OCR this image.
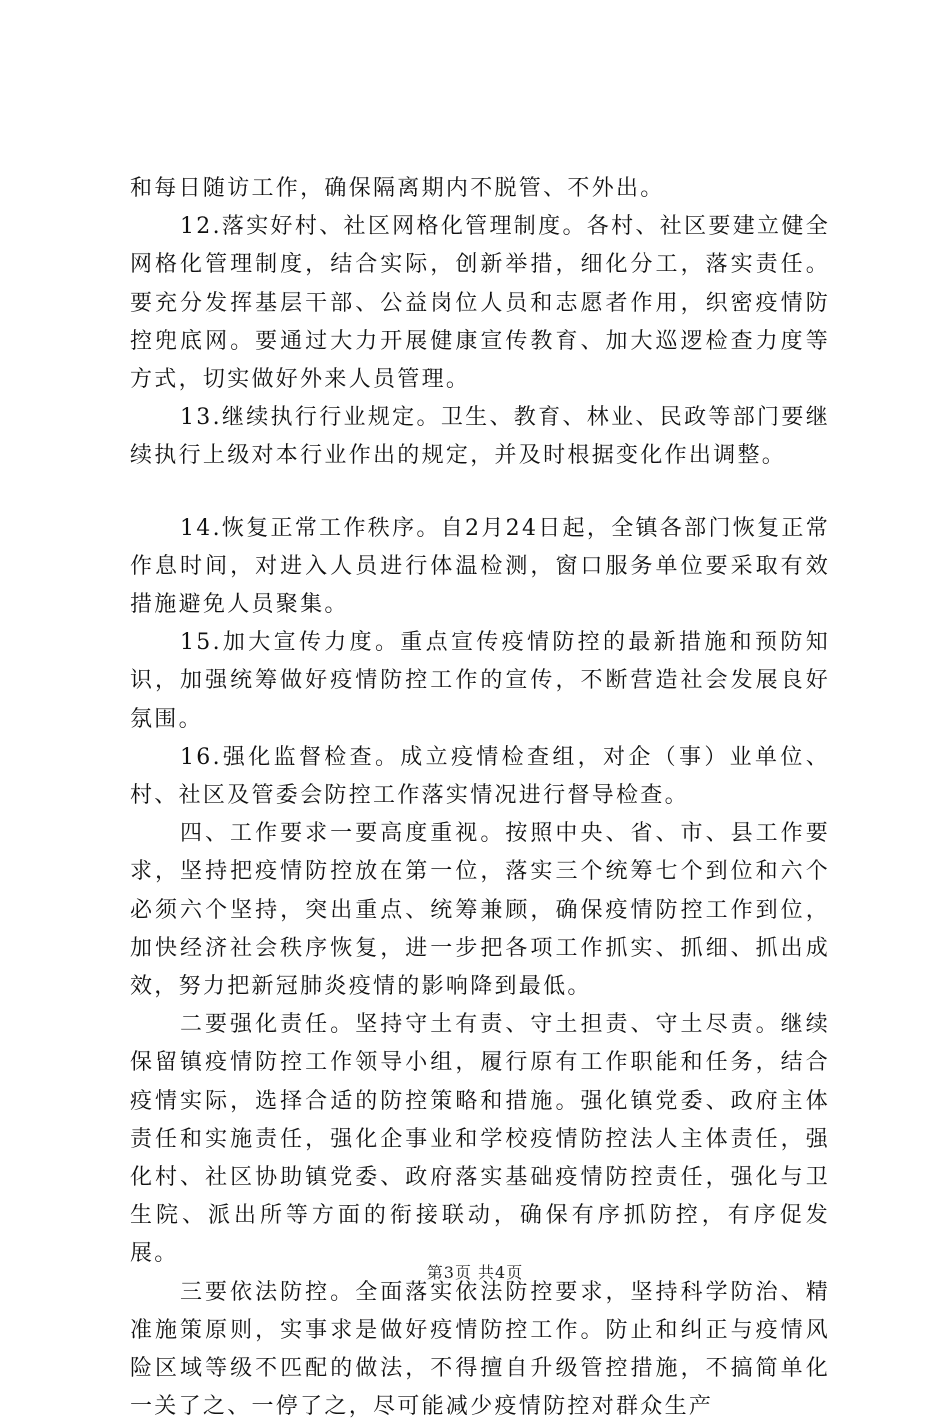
和每日随访工作，确保隔离期内不脱管、不外出。

12.落实好村、社区网格化管理制度。各村、社区要建立健全网格化管理制度，结合实际，创新举措，细化分工，落实责任。要充分发挥基层干部、公益岗位人员和志愿者作用，织密疫情防控兜底网。要通过大力开展健康宣传教育、加大巡逻检查力度等方式，切实做好外来人员管理。

13.继续执行行业规定。卫生、教育、林业、民政等部门要继续执行上级对本行业作出的规定，并及时根据变化作出调整。

14.恢复正常工作秩序。自2月24日起，全镇各部门恢复正常作息时间，对进入人员进行体温检测，窗口服务单位要采取有效措施避免人员聚集。

15.加大宣传力度。重点宣传疫情防控的最新措施和预防知识，加强统筹做好疫情防控工作的宣传，不断营造社会发展良好氛围。

16.强化监督检查。成立疫情检查组，对企（事）业单位、村、社区及管委会防控工作落实情况进行督导检查。

四、工作要求一要高度重视。按照中央、省、市、县工作要求，坚持把疫情防控放在第一位，落实三个统筹七个到位和六个必须六个坚持，突出重点、统筹兼顾，确保疫情防控工作到位，加快经济社会秩序恢复，进一步把各项工作抓实、抓细、抓出成效，努力把新冠肺炎疫情的影响降到最低。

二要强化责任。坚持守土有责、守土担责、守土尽责。继续保留镇疫情防控工作领导小组，履行原有工作职能和任务，结合疫情实际，选择合适的防控策略和措施。强化镇党委、政府主体责任和实施责任，强化企事业和学校疫情防控法人主体责任，强化村、社区协助镇党委、政府落实基础疫情防控责任，强化与卫生院、派出所等方面的衔接联动，确保有序抓防控，有序促发展。

三要依法防控。全面落实依法防控要求，坚持科学防治、精准施策原则，实事求是做好疫情防控工作。防止和纠正与疫情风险区域等级不匹配的做法，不得擅自升级管控措施，不搞简单化一关了之、一停了之，尽可能减少疫情防控对群众生产

第3页 共4页
